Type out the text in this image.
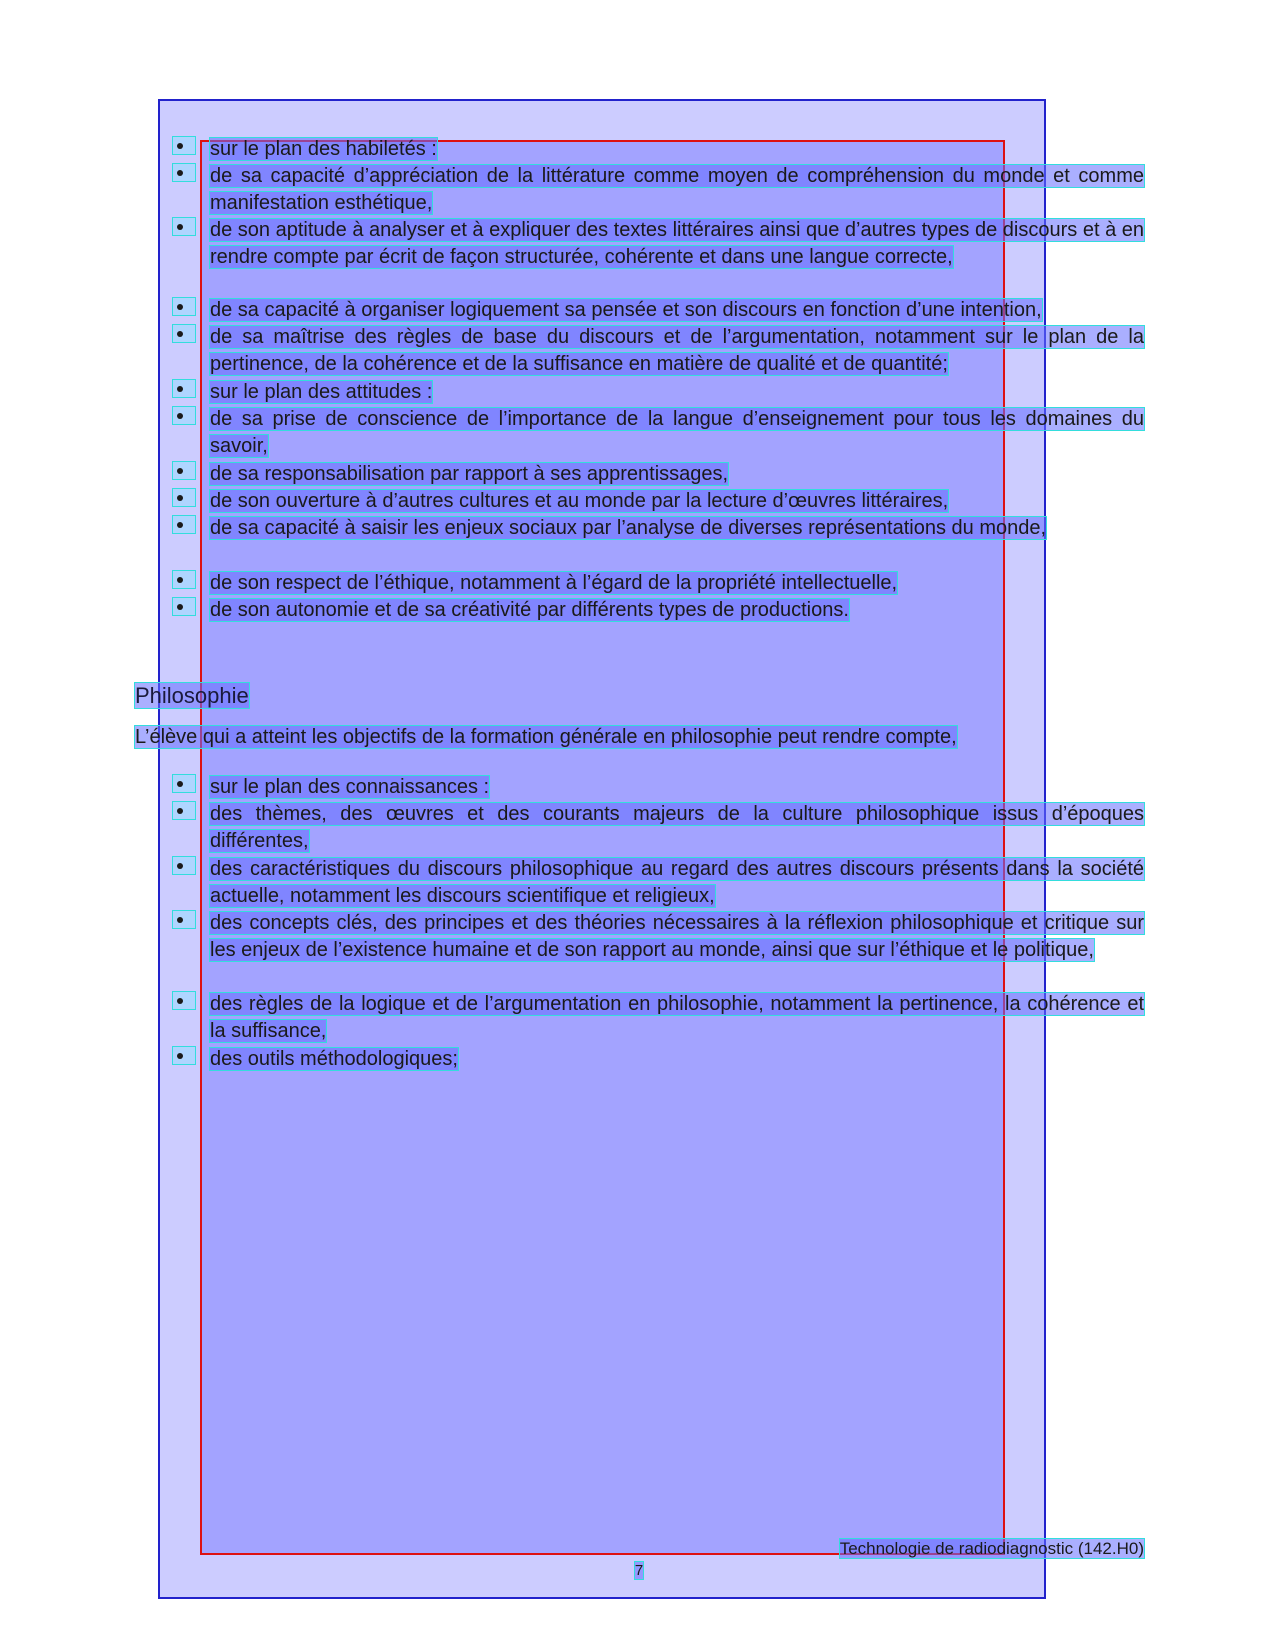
sur le plan des habiletés :
de sa capacité d’appréciation de la littérature comme moyen de compréhension du monde et comme manifestation esthétique,
de son aptitude à analyser et à expliquer des textes littéraires ainsi que d’autres types de discours et à en rendre compte par écrit de façon structurée, cohérente et dans une langue correcte,
de sa capacité à organiser logiquement sa pensée et son discours en fonction d’une intention,
de sa maîtrise des règles de base du discours et de l’argumentation, notamment sur le plan de la pertinence, de la cohérence et de la suffisance en matière de qualité et de quantité;
sur le plan des attitudes :
de sa prise de conscience de l’importance de la langue d’enseignement pour tous les domaines du savoir,
de sa responsabilisation par rapport à ses apprentissages,
de son ouverture à d’autres cultures et au monde par la lecture d’œuvres littéraires,
de sa capacité à saisir les enjeux sociaux par l’analyse de diverses représentations du monde,
de son respect de l’éthique, notamment à l’égard de la propriété intellectuelle,
de son autonomie et de sa créativité par différents types de productions.
Philosophie
L’élève qui a atteint les objectifs de la formation générale en philosophie peut rendre compte,
sur le plan des connaissances :
des thèmes, des œuvres et des courants majeurs de la culture philosophique issus d’époques différentes,
des caractéristiques du discours philosophique au regard des autres discours présents dans la société actuelle, notamment les discours scientifique et religieux,
des concepts clés, des principes et des théories nécessaires à la réflexion philosophique et critique sur les enjeux de l’existence humaine et de son rapport au monde, ainsi que sur l’éthique et le politique,
des règles de la logique et de l’argumentation en philosophie, notamment la pertinence, la cohérence et la suffisance,
des outils méthodologiques;
Technologie de radiodiagnostic (142.H0)
7
